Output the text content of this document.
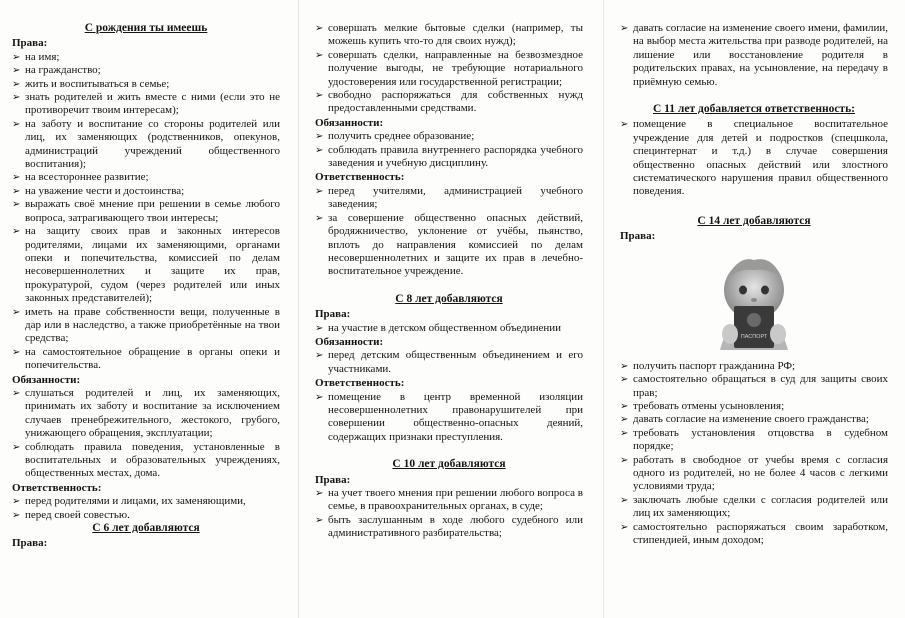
С рождения ты имеешь
Права:
➢ на имя;
➢ на гражданство;
➢ жить и воспитываться в семье;
➢ знать родителей и жить вместе с ними (если это не противоречит твоим интересам);
➢ на заботу и воспитание со стороны родителей или лиц, их заменяющих (родственников, опекунов, администраций учреждений общественного воспитания);
➢ на всестороннее развитие;
➢ на уважение чести и достоинства;
➢ выражать своё мнение при решении в семье любого вопроса, затрагивающего твои интересы;
➢ на защиту своих прав и законных интересов родителями, лицами их заменяющими, органами опеки и попечительства, комиссией по делам несовершеннолетних и защите их прав, прокуратурой, судом (через родителей или иных законных представителей);
➢ иметь на праве собственности вещи, полученные в дар или в наследство, а также приобретённые на твои средства;
➢ на самостоятельное обращение в органы опеки и попечительства.
Обязанности:
➢ слушаться родителей и лиц, их заменяющих, принимать их заботу и воспитание за исключением случаев пренебрежительного, жестокого, грубого, унижающего обращения, эксплуатации;
➢ соблюдать правила поведения, установленные в воспитательных и образовательных учреждениях, общественных местах, дома.
Ответственность:
➢ перед родителями и лицами, их заменяющими,
➢ перед своей совестью.
С 6 лет добавляются
Права:
➢ совершать мелкие бытовые сделки (например, ты можешь купить что-то для своих нужд);
➢ совершать сделки, направленные на безвозмездное получение выгоды, не требующие нотариального удостоверения или государственной регистрации;
➢ свободно распоряжаться для собственных нужд предоставленными средствами.
Обязанности:
➢ получить среднее образование;
➢ соблюдать правила внутреннего распорядка учебного заведения и учебную дисциплину.
Ответственность:
➢ перед учителями, администрацией учебного заведения;
➢ за совершение общественно опасных действий, бродяжничество, уклонение от учёбы, пьянство, вплоть до направления комиссией по делам несовершеннолетних и защите их прав в лечебно-воспитательное учреждение.
С 8 лет добавляются
Права:
➢ на участие в детском общественном объединении
Обязанности:
➢ перед детским общественным объединением и его участниками.
Ответственность:
➢ помещение в центр временной изоляции несовершеннолетних правонарушителей при совершении общественно-опасных деяний, содержащих признаки преступления.
С 10 лет добавляются
Права:
➢ на учет твоего мнения при решении любого вопроса в семье, в правоохранительных органах, в суде;
➢ быть заслушанным в ходе любого судебного или административного разбирательства;
➢ давать согласие на изменение своего имени, фамилии, на выбор места жительства при разводе родителей, на лишение или восстановление родителя в родительских правах, на усыновление, на передачу в приёмную семью.
С 11 лет добавляется ответственность:
➢ помещение в специальное воспитательное учреждение для детей и подростков (спецшкола, специнтернат и т.д.) в случае совершения общественно опасных действий или злостного систематического нарушения правил общественного поведения.
С 14 лет добавляются
Права:
ПАСПОРТ
➢ получить паспорт гражданина РФ;
➢ самостоятельно обращаться в суд для защиты своих прав;
➢ требовать отмены усыновления;
➢ давать согласие на изменение своего гражданства;
➢ требовать установления отцовства в судебном порядке;
➢ работать в свободное от учебы время с согласия одного из родителей, но не более 4 часов с легкими условиями труда;
➢ заключать любые сделки с согласия родителей или лиц их заменяющих;
➢ самостоятельно распоряжаться своим заработком, стипендией, иным доходом;
